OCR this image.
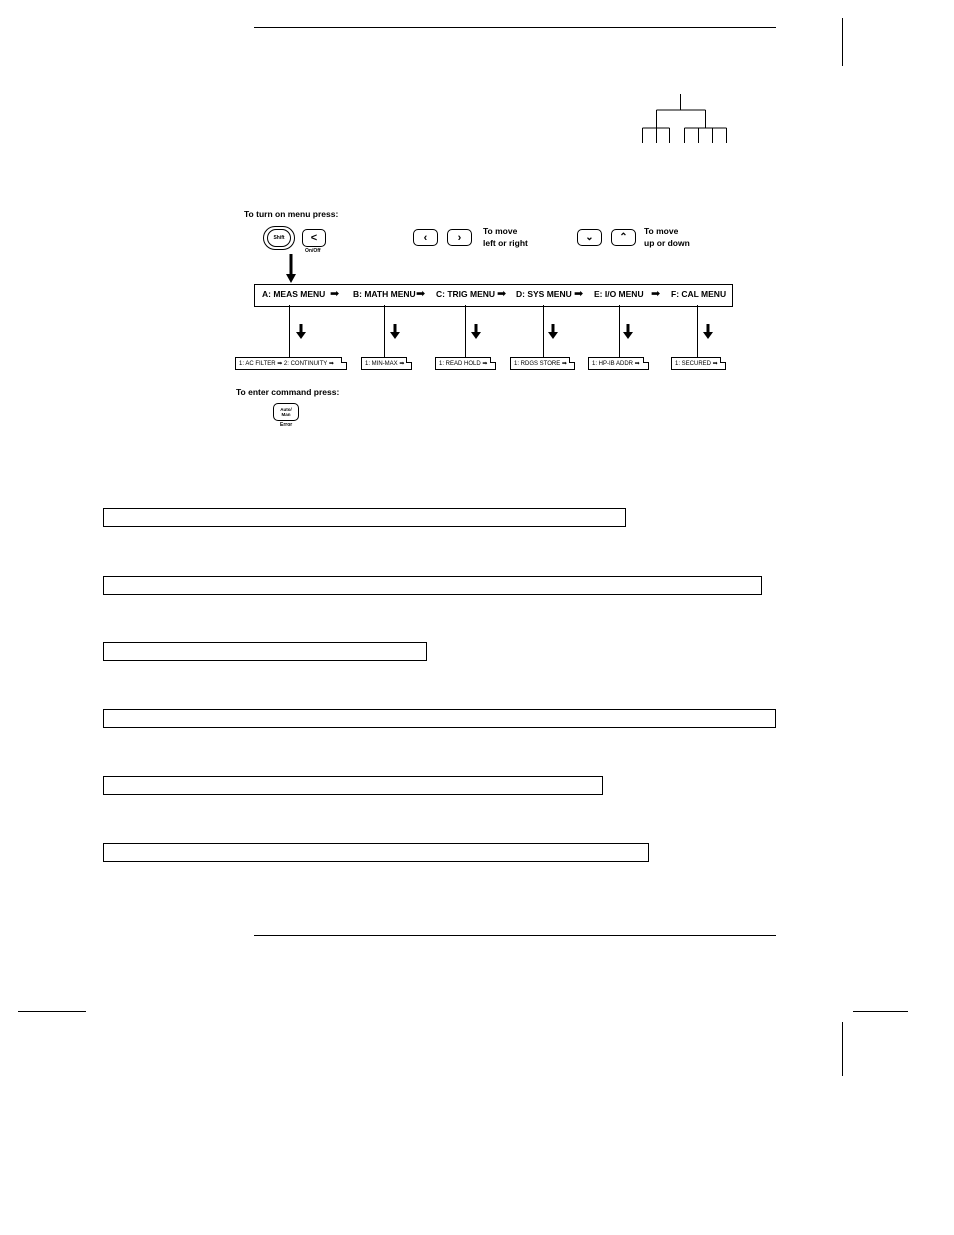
To turn on menu press:
Shift	<
On/Off
‹	›
To move
left or right
⌄	⌃
To move
up or down
A: MEAS MENU ➡ B: MATH MENU ➡ C: TRIG MENU ➡ D: SYS MENU ➡ E: I/O MENU ➡ F: CAL MENU
1: AC FILTER ➡ 2: CONTINUITY ➡	1: MIN-MAX ➡	1: READ HOLD ➡	1: RDGS STORE ➡	1: HP-IB ADDR ➡	1: SECURED ➡
To enter command press:
Auto/
Man
Error
